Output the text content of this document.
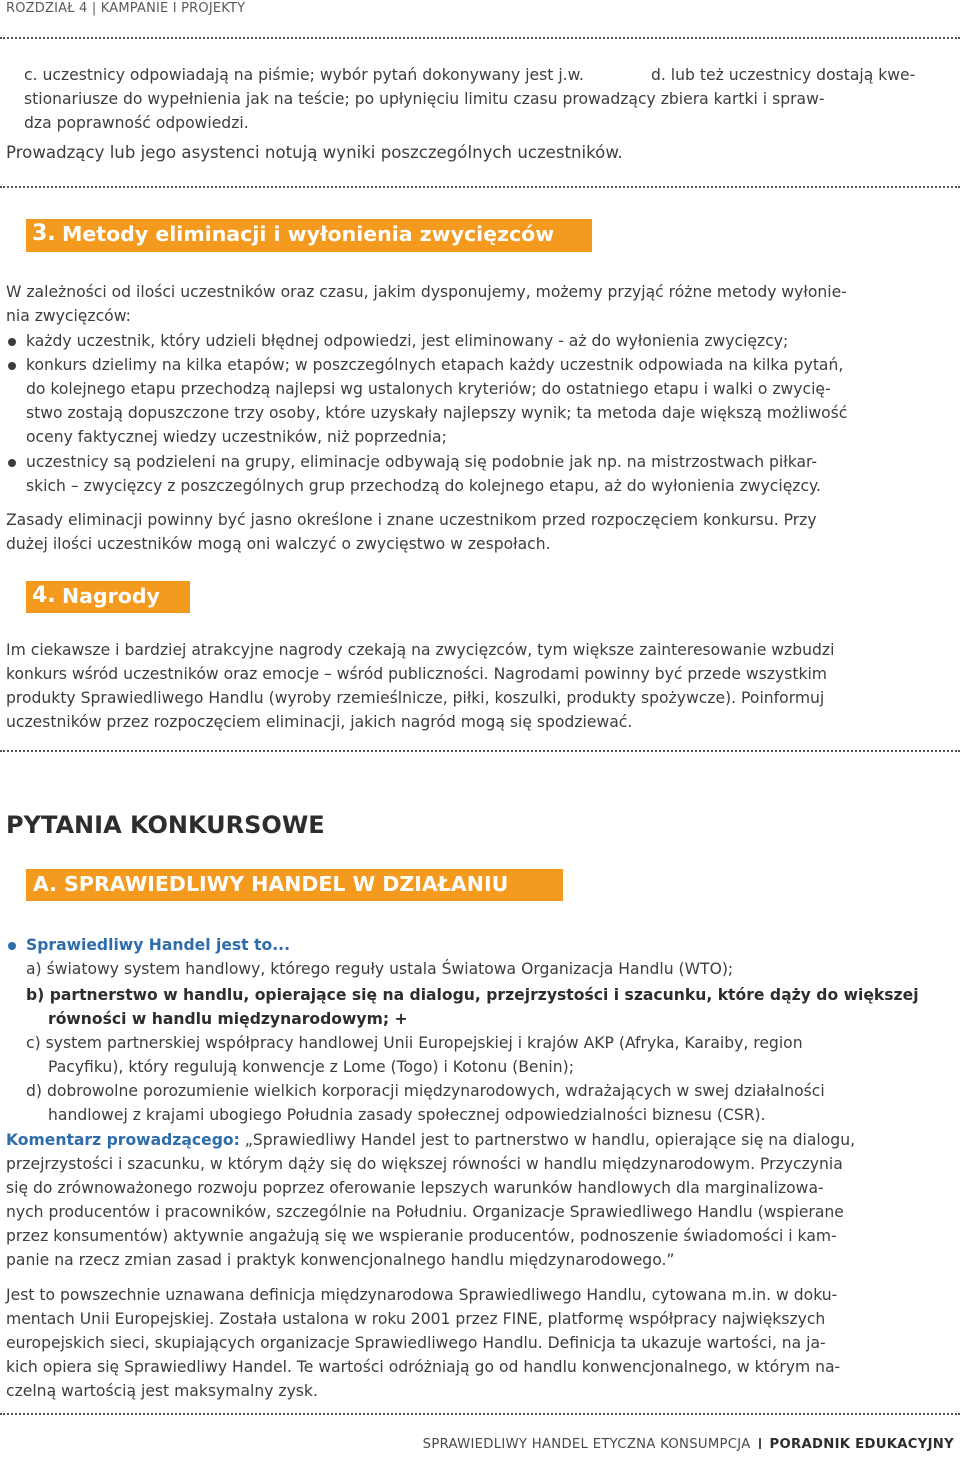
ROZDZIAŁ 4 | KAMPANIE I PROJEKTY
c. uczestnicy odpowiadają na piśmie; wybór pytań dokonywany jest j.w.	d. lub też uczestnicy dostają kwe-
stionariusze do wypełnienia jak na teście; po upłynięciu limitu czasu prowadzący zbiera kartki i spraw-
dza poprawność odpowiedzi.
Prowadzący lub jego asystenci notują wyniki poszczególnych uczestników.
3. Metody eliminacji i wyłonienia zwycięzców
W zależności od ilości uczestników oraz czasu, jakim dysponujemy, możemy przyjąć różne metody wyłonie-
nia zwycięzców:
każdy uczestnik, który udzieli błędnej odpowiedzi, jest eliminowany - aż do wyłonienia zwycięzcy;
konkurs dzielimy na kilka etapów; w poszczególnych etapach każdy uczestnik odpowiada na kilka pytań,
do kolejnego etapu przechodzą najlepsi wg ustalonych kryteriów; do ostatniego etapu i walki o zwycię-
stwo zostają dopuszczone trzy osoby, które uzyskały najlepszy wynik; ta metoda daje większą możliwość
oceny faktycznej wiedzy uczestników, niż poprzednia;
uczestnicy są podzieleni na grupy, eliminacje odbywają się podobnie jak np. na mistrzostwach piłkar-
skich – zwycięzcy z poszczególnych grup przechodzą do kolejnego etapu, aż do wyłonienia zwycięzcy.
Zasady eliminacji powinny być jasno określone i znane uczestnikom przed rozpoczęciem konkursu. Przy
dużej ilości uczestników mogą oni walczyć o zwycięstwo w zespołach.
4. Nagrody
Im ciekawsze i bardziej atrakcyjne nagrody czekają na zwycięzców, tym większe zainteresowanie wzbudzi
konkurs wśród uczestników oraz emocje – wśród publiczności. Nagrodami powinny być przede wszystkim
produkty Sprawiedliwego Handlu (wyroby rzemieślnicze, piłki, koszulki, produkty spożywcze). Poinformuj
uczestników przez rozpoczęciem eliminacji, jakich nagród mogą się spodziewać.
PYTANIA KONKURSOWE
A. SPRAWIEDLIWY HANDEL W DZIAŁANIU
Sprawiedliwy Handel jest to...
a) światowy system handlowy, którego reguły ustala Światowa Organizacja Handlu (WTO);
b) partnerstwo w handlu, opierające się na dialogu, przejrzystości i szacunku, które dąży do większej
równości w handlu międzynarodowym; +
c) system partnerskiej współpracy handlowej Unii Europejskiej i krajów AKP (Afryka, Karaiby, region
Pacyfiku), który regulują konwencje z Lome (Togo) i Kotonu (Benin);
d) dobrowolne porozumienie wielkich korporacji międzynarodowych, wdrażających w swej działalności
handlowej z krajami ubogiego Południa zasady społecznej odpowiedzialności biznesu (CSR).
Komentarz prowadzącego: „Sprawiedliwy Handel jest to partnerstwo w handlu, opierające się na dialogu,
przejrzystości i szacunku, w którym dąży się do większej równości w handlu międzynarodowym. Przyczynia
się do zrównoważonego rozwoju poprzez oferowanie lepszych warunków handlowych dla marginalizowa-
nych producentów i pracowników, szczególnie na Południu. Organizacje Sprawiedliwego Handlu (wspierane
przez konsumentów) aktywnie angażują się we wspieranie producentów, podnoszenie świadomości i kam-
panie na rzecz zmian zasad i praktyk konwencjonalnego handlu międzynarodowego.”
Jest to powszechnie uznawana definicja międzynarodowa Sprawiedliwego Handlu, cytowana m.in. w doku-
mentach Unii Europejskiej. Została ustalona w roku 2001 przez FINE, platformę współpracy największych
europejskich sieci, skupiających organizacje Sprawiedliwego Handlu. Definicja ta ukazuje wartości, na ja-
kich opiera się Sprawiedliwy Handel. Te wartości odróżniają go od handlu konwencjonalnego, w którym na-
czelną wartością jest maksymalny zysk.
SPRAWIEDLIWY HANDEL ETYCZNA KONSUMPCJA PORADNIK EDUKACYJNY
